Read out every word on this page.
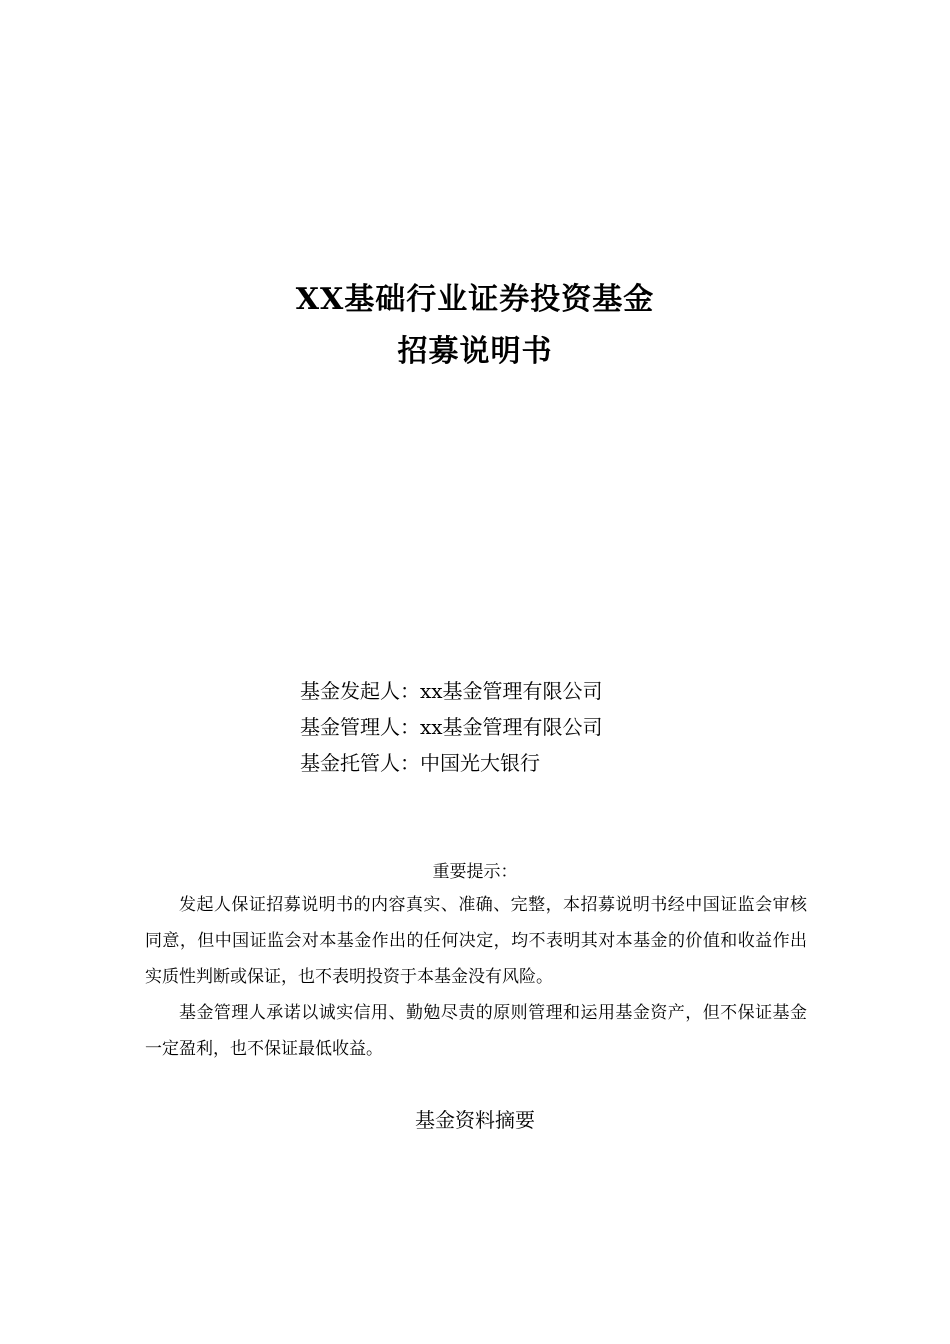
XX基础行业证券投资基金
招募说明书
基金发起人：xx基金管理有限公司
基金管理人：xx基金管理有限公司
基金托管人：中国光大银行
重要提示：

发起人保证招募说明书的内容真实、准确、完整，本招募说明书经中国证监会审核同意，但中国证监会对本基金作出的任何决定，均不表明其对本基金的价值和收益作出实质性判断或保证，也不表明投资于本基金没有风险。

基金管理人承诺以诚实信用、勤勉尽责的原则管理和运用基金资产，但不保证基金一定盈利，也不保证最低收益。

基金资料摘要
